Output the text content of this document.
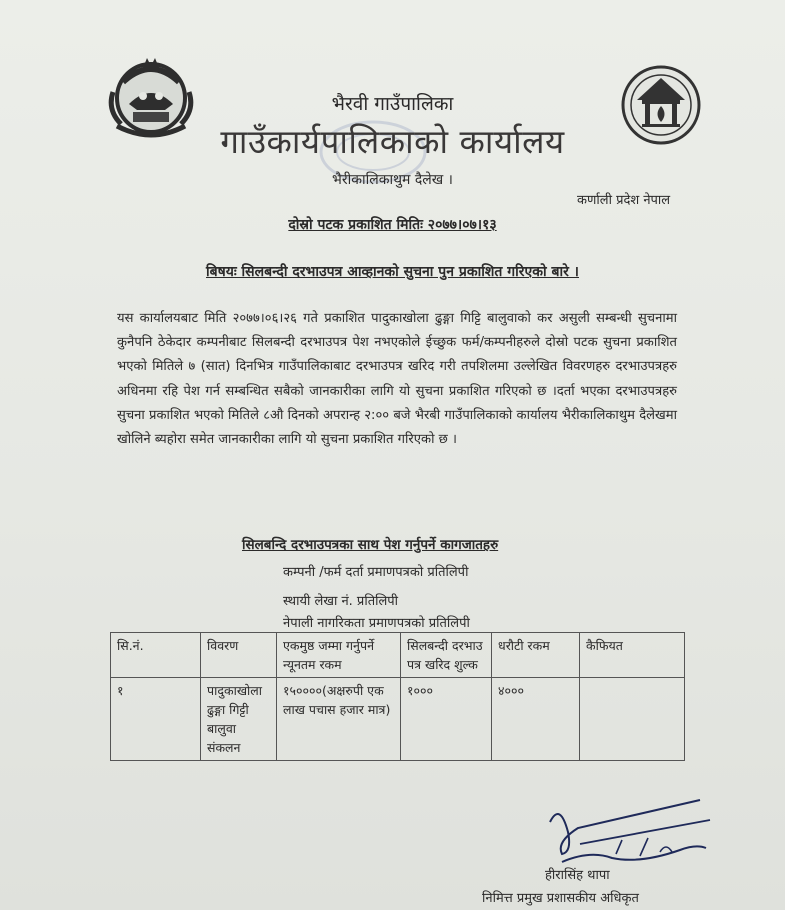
भैरवी गाउँपालिका
गाउँकार्यपालिकाको कार्यालय
भैरीकालिकाथुम दैलेख ।
कर्णाली प्रदेश नेपाल
दोस्रो पटक प्रकाशित मितिः २०७७।०७।१३
बिषयः सिलबन्दी दरभाउपत्र आव्हानको सुचना पुन प्रकाशित गरिएको बारे ।

यस कार्यालयबाट मिति २०७७।०६।२६ गते प्रकाशित पादुकाखोला ढुङ्गा गिट्टि बालुवाको कर असुली सम्बन्धी सुचनामा कुनैपनि ठेकेदार कम्पनीबाट सिलबन्दी दरभाउपत्र पेश नभएकोले ईच्छुक फर्म/कम्पनीहरुले दोस्रो पटक सुचना प्रकाशित भएको मितिले ७ (सात) दिनभित्र गाउँपालिकाबाट दरभाउपत्र खरिद गरी तपशिलमा उल्लेखित विवरणहरु दरभाउपत्रहरु अधिनमा रहि पेश गर्न सम्बन्धित सबैको जानकारीका लागि यो सुचना प्रकाशित गरिएको छ ।दर्ता भएका दरभाउपत्रहरु सुचना प्रकाशित भएको मितिले ८औ दिनको अपरान्ह २:०० बजे भैरबी गाउँपालिकाको कार्यालय भैरीकालिकाथुम दैलेखमा खोलिने ब्यहोरा समेत जानकारीका लागि यो सुचना प्रकाशित गरिएको छ ।

सिलबन्दि दरभाउपत्रका साथ पेश गर्नुपर्ने कागजातहरु
कम्पनी /फर्म दर्ता प्रमाणपत्रको प्रतिलिपी
स्थायी लेखा नं. प्रतिलिपी
नेपाली नागरिकता प्रमाणपत्रको प्रतिलिपी
सि.नं.	विवरण	एकमुष्ठ जम्मा गर्नुपर्ने न्यूनतम रकम	सिलबन्दी दरभाउ पत्र खरिद शुल्क	धरौटी रकम	कैफियत
१	पादुकाखोला ढुङ्गा गिट्टी बालुवा संकलन	१५००००(अक्षरुपी एक लाख पचास हजार मात्र)	१०००	४०००	
हीरासिंह थापा
निमित्त प्रमुख प्रशासकीय अधिकृत
